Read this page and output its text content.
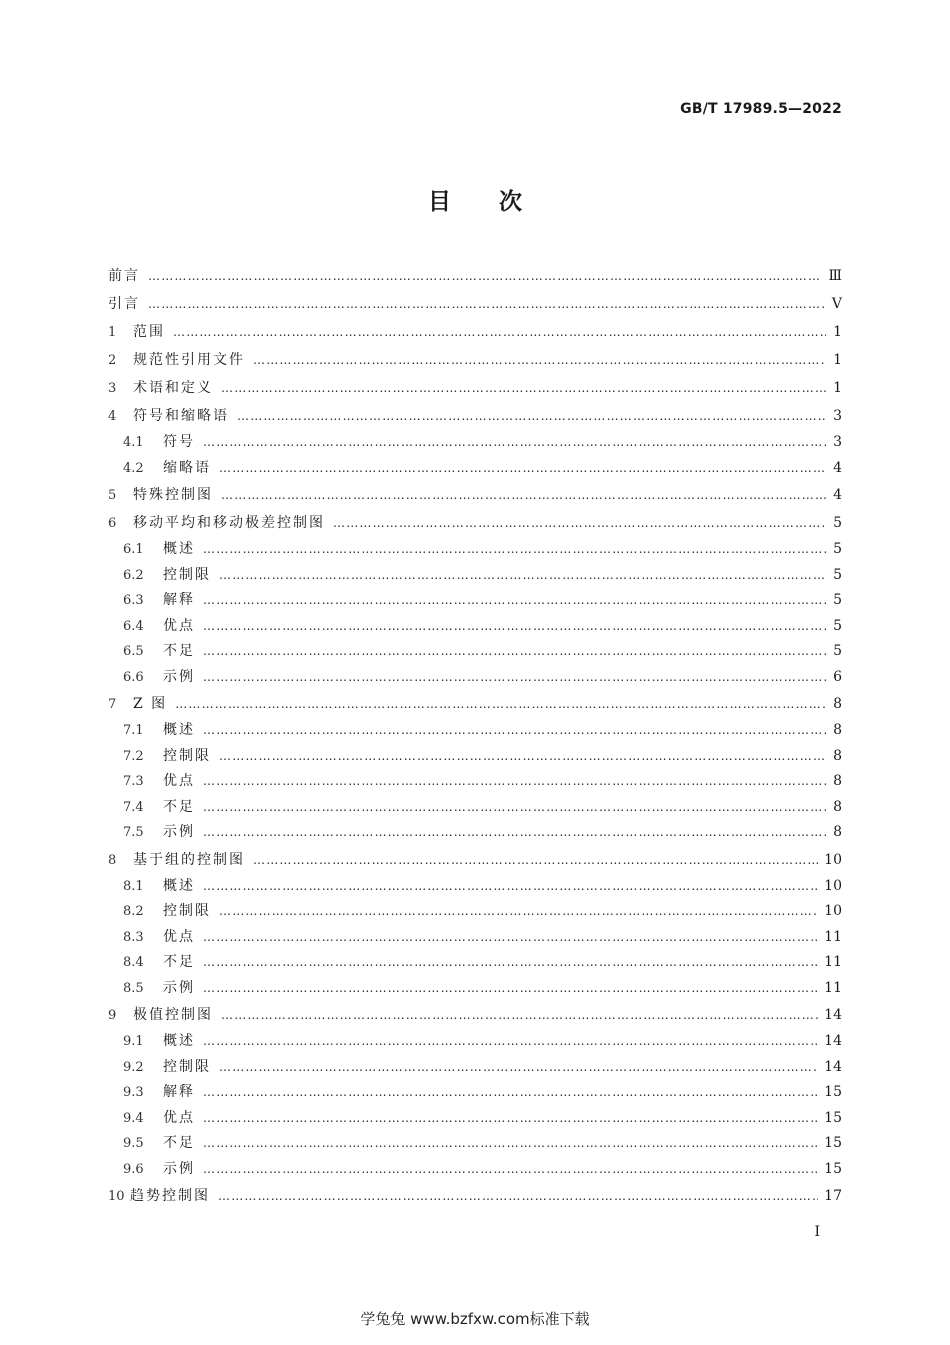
GB/T 17989.5—2022
目次
前言 ……………………………………………………………………………………………………………………………………………………………………………………………………………………………………………………	Ⅲ
引言 ……………………………………………………………………………………………………………………………………………………………………………………………………………………………………………………	Ⅴ
1	范围 ……………………………………………………………………………………………………………………………………………………………………………………………………………………………………………………	1
2	规范性引用文件 ……………………………………………………………………………………………………………………………………………………………………………………………………………………………………………………	1
3	术语和定义 ……………………………………………………………………………………………………………………………………………………………………………………………………………………………………………………	1
4	符号和缩略语 ……………………………………………………………………………………………………………………………………………………………………………………………………………………………………………………	3
4.1	符号 ……………………………………………………………………………………………………………………………………………………………………………………………………………………………………………………	3
4.2	缩略语 ……………………………………………………………………………………………………………………………………………………………………………………………………………………………………………………	4
5	特殊控制图 ……………………………………………………………………………………………………………………………………………………………………………………………………………………………………………………	4
6	移动平均和移动极差控制图 ……………………………………………………………………………………………………………………………………………………………………………………………………………………………………………………	5
6.1	概述 ……………………………………………………………………………………………………………………………………………………………………………………………………………………………………………………	5
6.2	控制限 ……………………………………………………………………………………………………………………………………………………………………………………………………………………………………………………	5
6.3	解释 ……………………………………………………………………………………………………………………………………………………………………………………………………………………………………………………	5
6.4	优点 ……………………………………………………………………………………………………………………………………………………………………………………………………………………………………………………	5
6.5	不足 ……………………………………………………………………………………………………………………………………………………………………………………………………………………………………………………	5
6.6	示例 ……………………………………………………………………………………………………………………………………………………………………………………………………………………………………………………	6
7	Z 图 ……………………………………………………………………………………………………………………………………………………………………………………………………………………………………………………	8
7.1	概述 ……………………………………………………………………………………………………………………………………………………………………………………………………………………………………………………	8
7.2	控制限 ……………………………………………………………………………………………………………………………………………………………………………………………………………………………………………………	8
7.3	优点 ……………………………………………………………………………………………………………………………………………………………………………………………………………………………………………………	8
7.4	不足 ……………………………………………………………………………………………………………………………………………………………………………………………………………………………………………………	8
7.5	示例 ……………………………………………………………………………………………………………………………………………………………………………………………………………………………………………………	8
8	基于组的控制图 ……………………………………………………………………………………………………………………………………………………………………………………………………………………………………………………	10
8.1	概述 ……………………………………………………………………………………………………………………………………………………………………………………………………………………………………………………	10
8.2	控制限 ……………………………………………………………………………………………………………………………………………………………………………………………………………………………………………………	10
8.3	优点 ……………………………………………………………………………………………………………………………………………………………………………………………………………………………………………………	11
8.4	不足 ……………………………………………………………………………………………………………………………………………………………………………………………………………………………………………………	11
8.5	示例 ……………………………………………………………………………………………………………………………………………………………………………………………………………………………………………………	11
9	极值控制图 ……………………………………………………………………………………………………………………………………………………………………………………………………………………………………………………	14
9.1	概述 ……………………………………………………………………………………………………………………………………………………………………………………………………………………………………………………	14
9.2	控制限 ……………………………………………………………………………………………………………………………………………………………………………………………………………………………………………………	14
9.3	解释 ……………………………………………………………………………………………………………………………………………………………………………………………………………………………………………………	15
9.4	优点 ……………………………………………………………………………………………………………………………………………………………………………………………………………………………………………………	15
9.5	不足 ……………………………………………………………………………………………………………………………………………………………………………………………………………………………………………………	15
9.6	示例 ……………………………………………………………………………………………………………………………………………………………………………………………………………………………………………………	15
10 趋势控制图 ……………………………………………………………………………………………………………………………………………………………………………………………………………………………………………………	17
Ⅰ
学兔兔 www.bzfxw.com标准下载
